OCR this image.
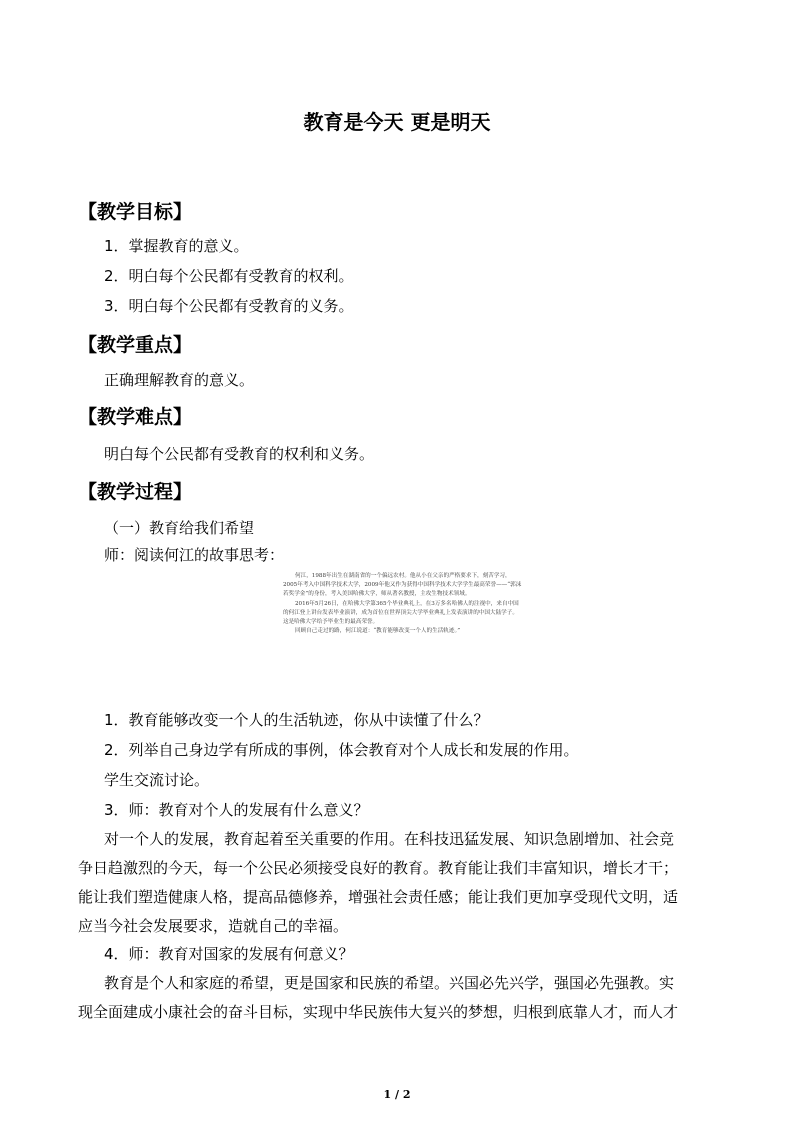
教育是今天 更是明天
【教学目标】
1．掌握教育的意义。
2．明白每个公民都有受教育的权利。
3．明白每个公民都有受教育的义务。
【教学重点】
正确理解教育的意义。
【教学难点】
明白每个公民都有受教育的权利和义务。
【教学过程】
（一）教育给我们希望
师：阅读何江的故事思考：

何江，1988年出生在湖南省的一个偏远农村。他从小在父亲的严格要求下，刻苦学习，2005年考入中国科学技术大学，2009年他又作为获得中国科学技术大学学生最高荣誉——“郭沫若奖学金”的身份，考入美国哈佛大学，师从著名教授，主攻生物技术领域。

2016年5月26日，在哈佛大学第365个毕业典礼上，在3万多名哈佛人的注视中，来自中国的何江登上讲台发表毕业演讲，成为首位在世界顶尖大学毕业典礼上发表演讲的中国大陆学子。这是哈佛大学给予毕业生的最高荣誉。

回顾自己走过的路，何江说道：“教育能够改变一个人的生活轨迹。”

1．教育能够改变一个人的生活轨迹，你从中读懂了什么？
2．列举自己身边学有所成的事例，体会教育对个人成长和发展的作用。
学生交流讨论。
3．师：教育对个人的发展有什么意义？
对一个人的发展，教育起着至关重要的作用。在科技迅猛发展、知识急剧增加、社会竞
争日趋激烈的今天，每一个公民必须接受良好的教育。教育能让我们丰富知识，增长才干；
能让我们塑造健康人格，提高品德修养，增强社会责任感；能让我们更加享受现代文明，适
应当今社会发展要求，造就自己的幸福。
4．师：教育对国家的发展有何意义？
教育是个人和家庭的希望，更是国家和民族的希望。兴国必先兴学，强国必先强教。实
现全面建成小康社会的奋斗目标，实现中华民族伟大复兴的梦想，归根到底靠人才，而人才
1 / 2
